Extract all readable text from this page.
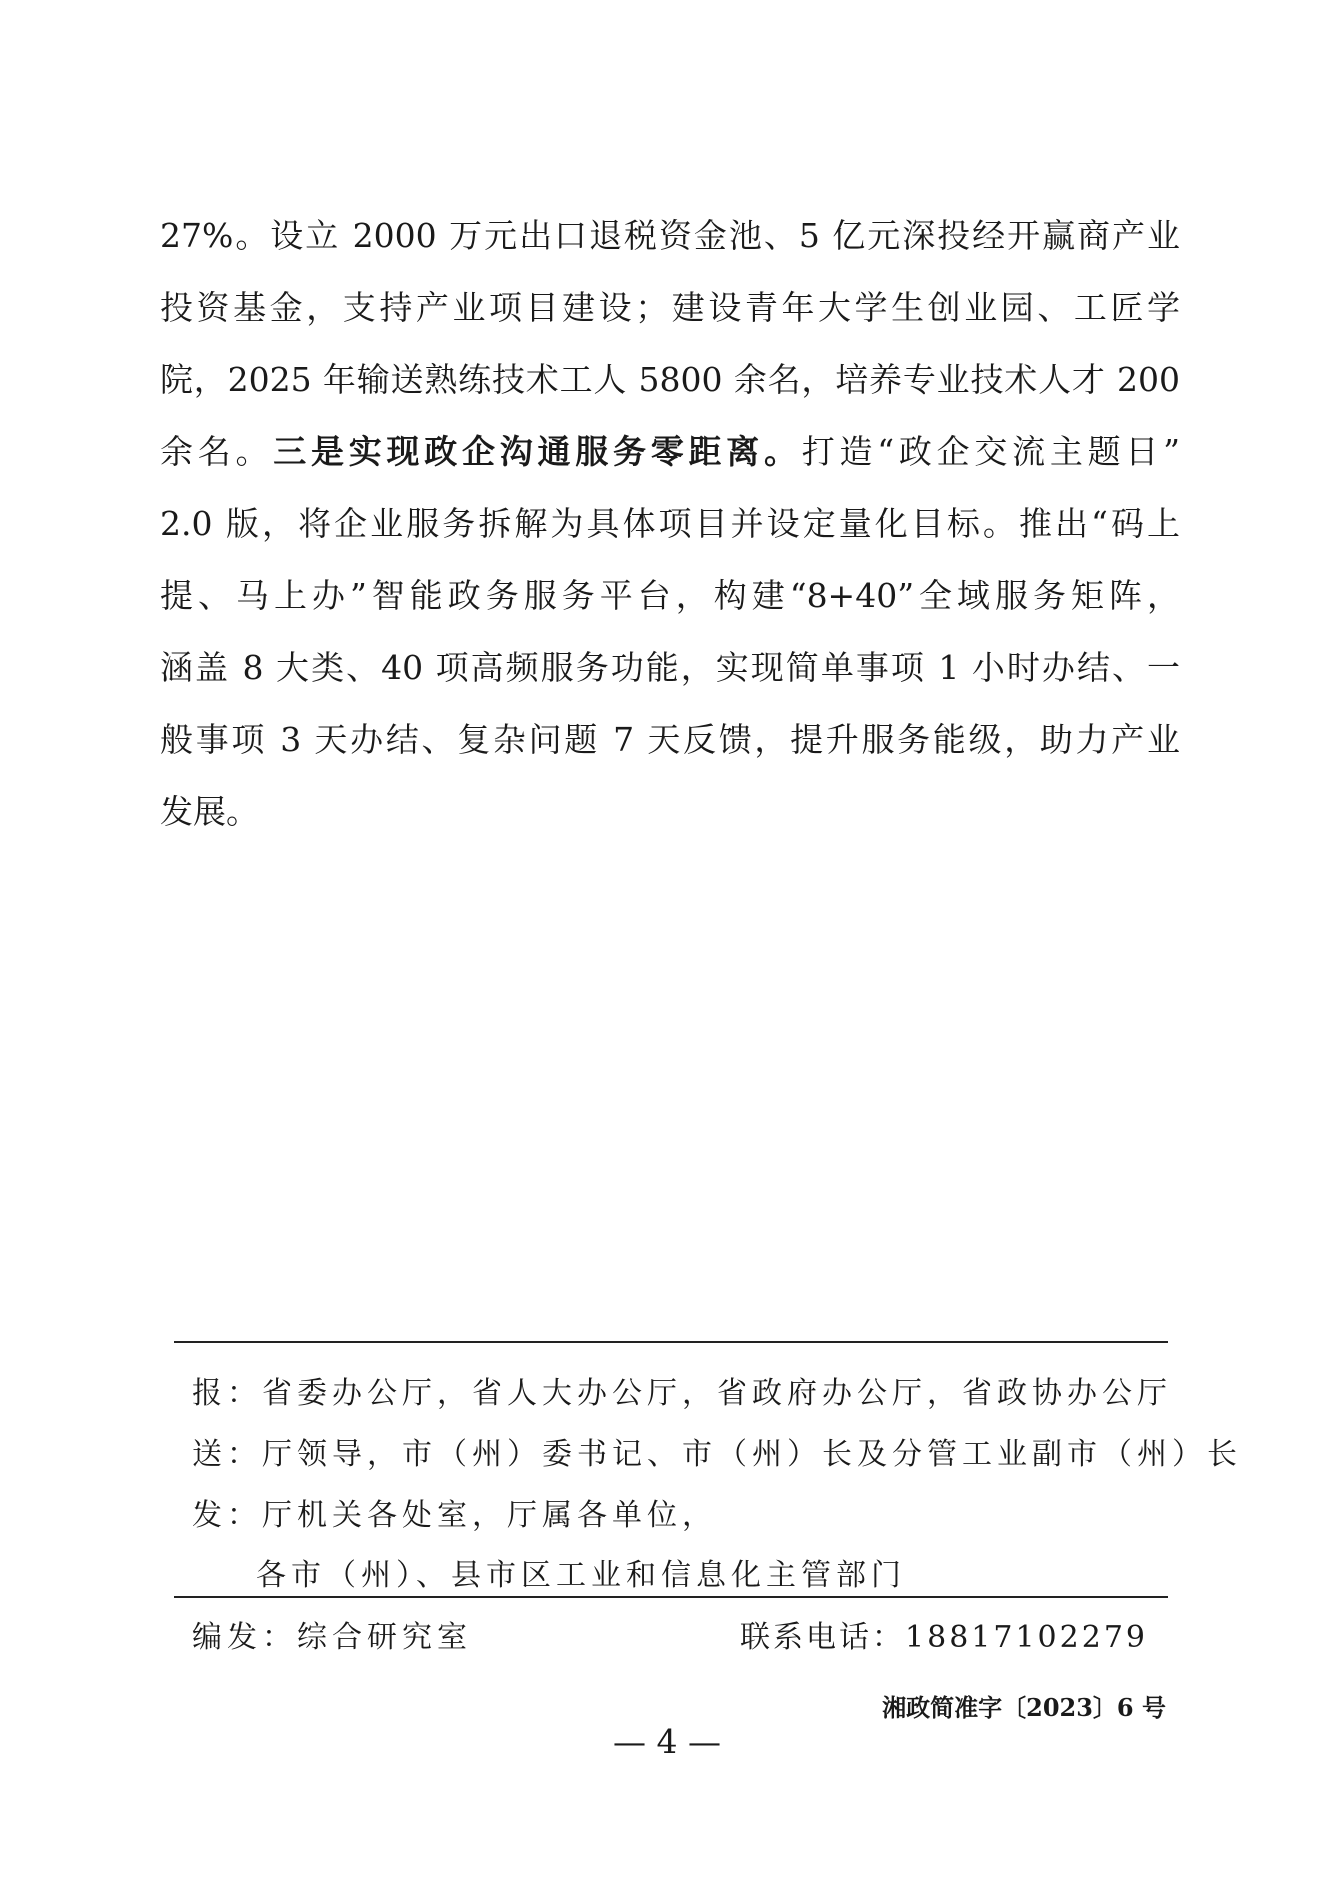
27%。设立 2000 万元出口退税资金池、5 亿元深投经开赢商产业
投资基金，支持产业项目建设；建设青年大学生创业园、工匠学
院，2025 年输送熟练技术工人 5800 余名，培养专业技术人才 200
余名。三是实现政企沟通服务零距离。打造“政企交流主题日”
2.0 版，将企业服务拆解为具体项目并设定量化目标。推出“码上
提、马上办”智能政务服务平台，构建“8+40”全域服务矩阵，
涵盖 8 大类、40 项高频服务功能，实现简单事项 1 小时办结、一
般事项 3 天办结、复杂问题 7 天反馈，提升服务能级，助力产业
发展。
报：省委办公厅，省人大办公厅，省政府办公厅，省政协办公厅
送：厅领导，市（州）委书记、市（州）长及分管工业副市（州）长
发：厅机关各处室，厅属各单位，
各市（州）、县市区工业和信息化主管部门
编发：综合研究室	联系电话：18817102279
湘政简准字〔2023〕6 号
— 4 —
